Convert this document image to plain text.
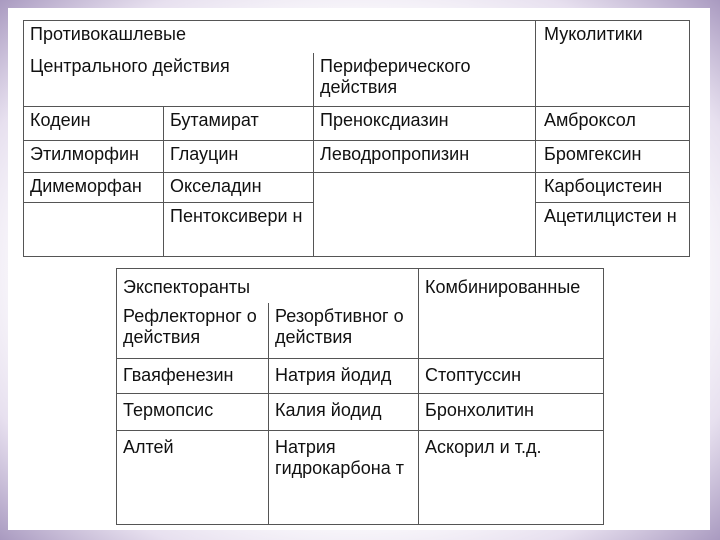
Противокашлевые			Муколитики
Центрального действия		Периферического действия	
Кодеин	Бутамират	Преноксдиазин	Амброксол
Этилморфин	Глауцин	Леводропропизин	Бромгексин
Димеморфан	Окселадин		Карбоцистеин
	Пентоксивери н		Ацетилцистеи н
Экспекторанты		Комбинированные
Рефлекторног о действия	Резорбтивног о действия	
Гваяфенезин	Натрия йодид	Стоптуссин
Термопсис	Калия йодид	Бронхолитин
Алтей	Натрия гидрокарбона т	Аскорил и т.д.
